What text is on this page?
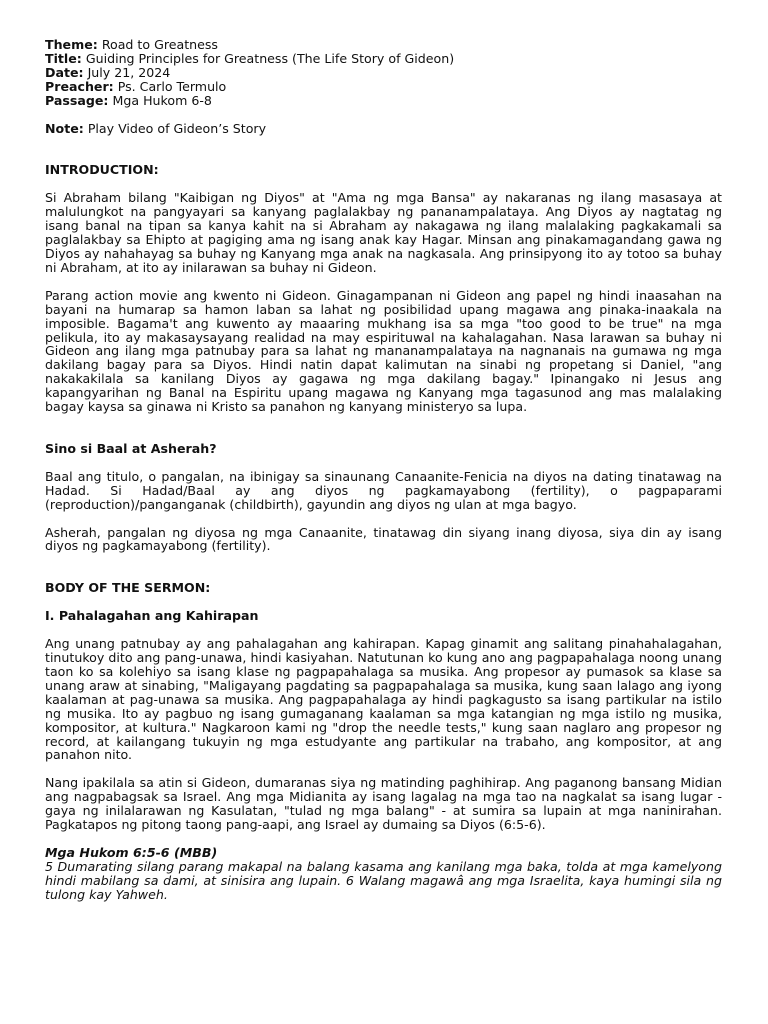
Theme: Road to Greatness

Title: Guiding Principles for Greatness (The Life Story of Gideon)

Date: July 21, 2024

Preacher: Ps. Carlo Termulo

Passage: Mga Hukom 6-8

Note: Play Video of Gideon’s Story

INTRODUCTION:

Si Abraham bilang "Kaibigan ng Diyos" at "Ama ng mga Bansa" ay nakaranas ng ilang masasaya at malulungkot na pangyayari sa kanyang paglalakbay ng pananampalataya. Ang Diyos ay nagtatag ng isang banal na tipan sa kanya kahit na si Abraham ay nakagawa ng ilang malalaking pagkakamali sa paglalakbay sa Ehipto at pagiging ama ng isang anak kay Hagar. Minsan ang pinakamagandang gawa ng Diyos ay nahahayag sa buhay ng Kanyang mga anak na nagkasala. Ang prinsipyong ito ay totoo sa buhay ni Abraham, at ito ay inilarawan sa buhay ni Gideon.

Parang action movie ang kwento ni Gideon. Ginagampanan ni Gideon ang papel ng hindi inaasahan na bayani na humarap sa hamon laban sa lahat ng posibilidad upang magawa ang pinaka-inaakala na imposible. Bagama't ang kuwento ay maaaring mukhang isa sa mga "too good to be true" na mga pelikula, ito ay makasaysayang realidad na may espirituwal na kahalagahan. Nasa larawan sa buhay ni Gideon ang ilang mga patnubay para sa lahat ng mananampalataya na nagnanais na gumawa ng mga dakilang bagay para sa Diyos. Hindi natin dapat kalimutan na sinabi ng propetang si Daniel, "ang nakakakilala sa kanilang Diyos ay gagawa ng mga dakilang bagay." Ipinangako ni Jesus ang kapangyarihan ng Banal na Espiritu upang magawa ng Kanyang mga tagasunod ang mas malalaking bagay kaysa sa ginawa ni Kristo sa panahon ng kanyang ministeryo sa lupa.

Sino si Baal at Asherah?

Baal ang titulo, o pangalan, na ibinigay sa sinaunang Canaanite-Fenicia na diyos na dating tinatawag na Hadad. Si Hadad/Baal ay ang diyos ng pagkamayabong (fertility), o pagpaparami (reproduction)/panganganak (childbirth), gayundin ang diyos ng ulan at mga bagyo.

Asherah, pangalan ng diyosa ng mga Canaanite, tinatawag din siyang inang diyosa, siya din ay isang diyos ng pagkamayabong (fertility).

BODY OF THE SERMON:

I. Pahalagahan ang Kahirapan

Ang unang patnubay ay ang pahalagahan ang kahirapan. Kapag ginamit ang salitang pinahahalagahan, tinutukoy dito ang pang-unawa, hindi kasiyahan. Natutunan ko kung ano ang pagpapahalaga noong unang taon ko sa kolehiyo sa isang klase ng pagpapahalaga sa musika. Ang propesor ay pumasok sa klase sa unang araw at sinabing, "Maligayang pagdating sa pagpapahalaga sa musika, kung saan lalago ang iyong kaalaman at pag-unawa sa musika. Ang pagpapahalaga ay hindi pagkagusto sa isang partikular na istilo ng musika. Ito ay pagbuo ng isang gumaganang kaalaman sa mga katangian ng mga istilo ng musika, kompositor, at kultura." Nagkaroon kami ng "drop the needle tests," kung saan naglaro ang propesor ng record, at kailangang tukuyin ng mga estudyante ang partikular na trabaho, ang kompositor, at ang panahon nito.

Nang ipakilala sa atin si Gideon, dumaranas siya ng matinding paghihirap. Ang paganong bansang Midian ang nagpabagsak sa Israel. Ang mga Midianita ay isang lagalag na mga tao na nagkalat sa isang lugar - gaya ng inilalarawan ng Kasulatan, "tulad ng mga balang" - at sumira sa lupain at mga naninirahan. Pagkatapos ng pitong taong pang-aapi, ang Israel ay dumaing sa Diyos (6:5-6).

Mga Hukom 6:5-6 (MBB)

5 Dumarating silang parang makapal na balang kasama ang kanilang mga baka, tolda at mga kamelyong hindi mabilang sa dami, at sinisira ang lupain. 6 Walang magawâ ang mga Israelita, kaya humingi sila ng tulong kay Yahweh.
